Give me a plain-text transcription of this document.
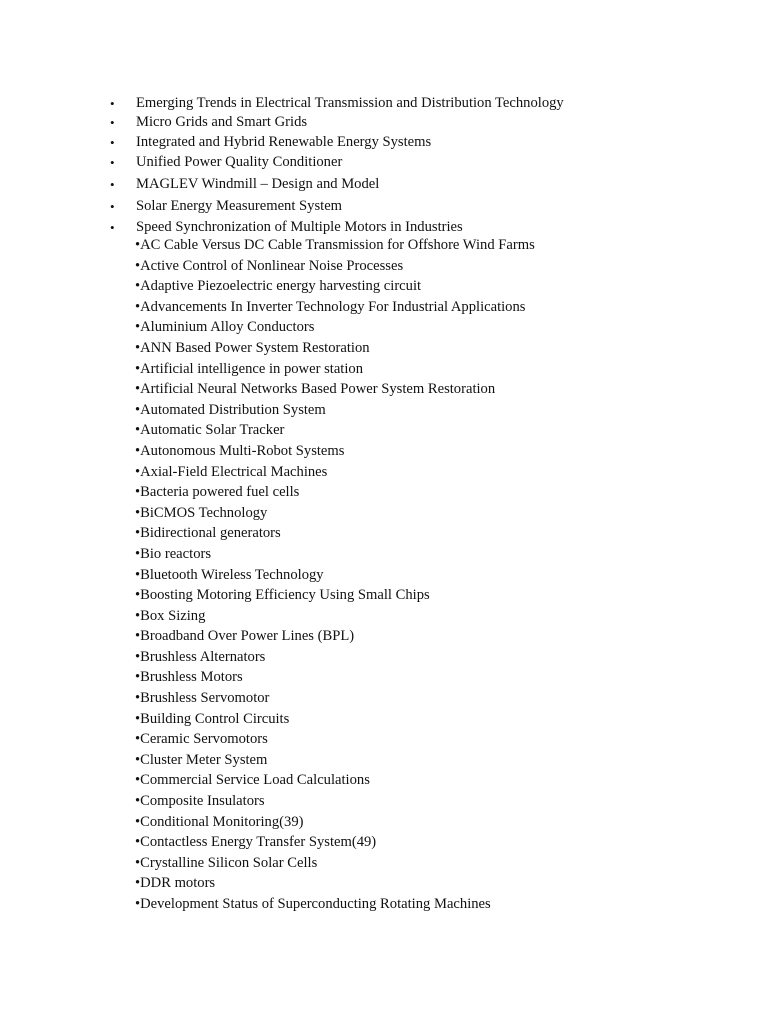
• Emerging Trends in Electrical Transmission and Distribution Technology
• Micro Grids and Smart Grids
• Integrated and Hybrid Renewable Energy Systems
• Unified Power Quality Conditioner
• MAGLEV Windmill – Design and Model
• Solar Energy Measurement System
• Speed Synchronization of Multiple Motors in Industries
•AC Cable Versus DC Cable Transmission for Offshore Wind Farms
•Active Control of Nonlinear Noise Processes
•Adaptive Piezoelectric energy harvesting circuit
•Advancements In Inverter Technology For Industrial Applications
•Aluminium Alloy Conductors
•ANN Based Power System Restoration
•Artificial intelligence in power station
•Artificial Neural Networks Based Power System Restoration
•Automated Distribution System
•Automatic Solar Tracker
•Autonomous Multi-Robot Systems
•Axial-Field Electrical Machines
•Bacteria powered fuel cells
•BiCMOS Technology
•Bidirectional generators
•Bio reactors
•Bluetooth Wireless Technology
•Boosting Motoring Efficiency Using Small Chips
•Box Sizing
•Broadband Over Power Lines (BPL)
•Brushless Alternators
•Brushless Motors
•Brushless Servomotor
•Building Control Circuits
•Ceramic Servomotors
•Cluster Meter System
•Commercial Service Load Calculations
•Composite Insulators
•Conditional Monitoring(39)
•Contactless Energy Transfer System(49)
•Crystalline Silicon Solar Cells
•DDR motors
•Development Status of Superconducting Rotating Machines
